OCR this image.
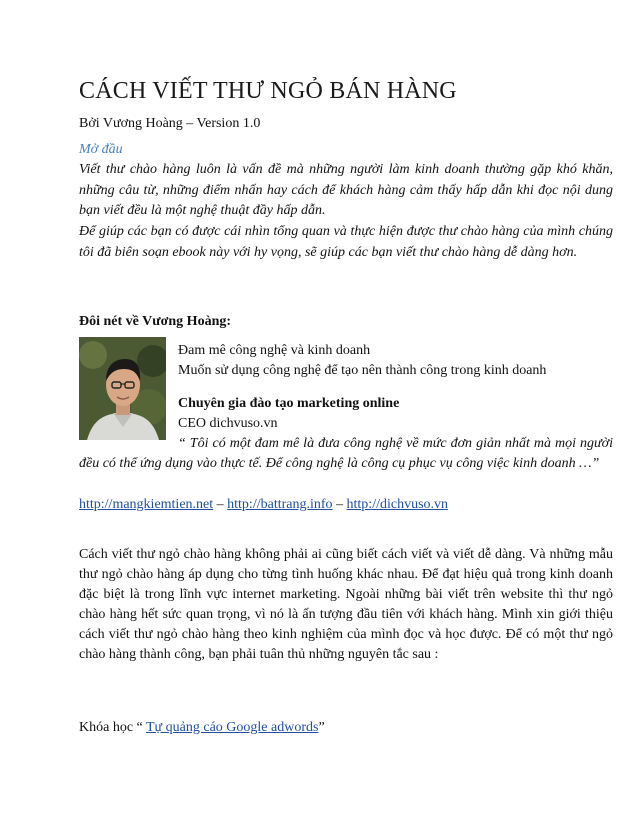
CÁCH VIẾT THƯ NGỎ BÁN HÀNG
Bởi Vương Hoàng – Version 1.0
Mở đầu
Viết thư chào hàng luôn là vấn đề mà những người làm kinh doanh thường gặp khó khăn, những câu từ, những điểm nhấn hay cách để khách hàng cảm thấy hấp dẫn khi đọc nội dung bạn viết đều là một nghệ thuật đầy hấp dẫn.
Để giúp các bạn có được cái nhìn tổng quan và thực hiện được thư chào hàng của mình chúng tôi đã biên soạn ebook này với hy vọng, sẽ giúp các bạn viết thư chào hàng dễ dàng hơn.
Đôi nét về Vương Hoàng:
Đam mê công nghệ và kinh doanh
Muốn sử dụng công nghệ để tạo nên thành công trong kinh doanh
Chuyên gia đào tạo marketing online
CEO dichvuso.vn
“ Tôi có một đam mê là đưa công nghệ về mức đơn giản nhất mà mọi người đều có thể ứng dụng vào thực tế. Để công nghệ là công cụ phục vụ công việc kinh doanh …”
http://mangkiemtien.net – http://battrang.info – http://dichvuso.vn
Cách viết thư ngỏ chào hàng không phải ai cũng biết cách viết và viết dễ dàng. Và những mẫu thư ngỏ chào hàng áp dụng cho từng tình huống khác nhau. Để đạt hiệu quả trong kinh doanh đặc biệt là trong lĩnh vực internet marketing. Ngoài những bài viết trên website thì thư ngỏ chào hàng hết sức quan trọng, vì nó là ấn tượng đầu tiên với khách hàng. Mình xin giới thiệu cách viết thư ngỏ chào hàng theo kinh nghiệm của mình đọc và học được. Để có một thư ngỏ chào hàng thành công, bạn phải tuân thủ những nguyên tắc sau :
Khóa học “ Tự quảng cáo Google adwords”
